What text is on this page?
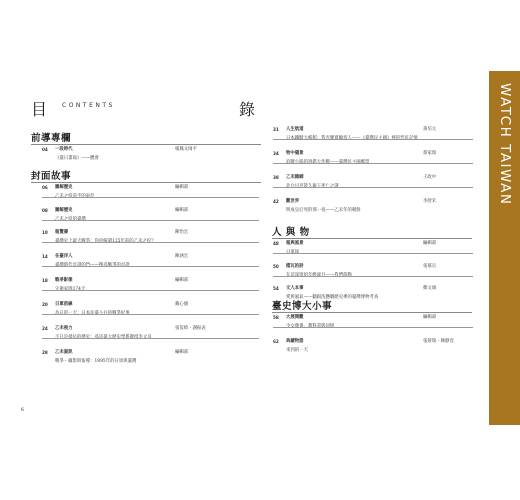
目 CONTENTS	錄
前導專欄
封面故事
人 與 物
臺史博大小事
04 一段時代
《臺日畫報》——體會
楊鳳文岡平
06 圖解歷史
乙未之役前半的東亞
編輯部
08 圖解歷史
乙未之役的臺灣
編輯部
10 報覽書
臺灣史上最大戰爭：你何解讀125年前的乙未之役？
陳怡宏
14 在臺洋人
臺灣時代見證的門——搜尋戰爭的見證
陳涵宏
18 戰爭影像
守衛家園174天
編輯部
20 日軍前線
為日的一天：日本征臺小兵的戰爭紀事
戴心儀
24 乙未視力
不只是抵抗的歷史：尋訪臺大歷史學系教授李文良
張侃綺・謝振表
28 乙未資訊
戰爭・攝影與報導：1895年的日軍與臺灣
編輯部
31 人生航道
日本鐵騎大帳館：我光輝實驗客人——《臺灣民主國》裡的烈民記憶
黃培元
34 物中儀景
追蹤小腦的過錯大作戰——臺灣民主國郵票
蔡家瑞
38 乙未雜網
北白川宮能久親王死亡之謎
王政中
42 觀世界
明成皇后死的那一夜——乙未年的朝鮮
李舒禾
48 報與風景
日軍報
編輯部
50 檔瓦的詩
在這深邃的年輕歲月——我們萌動
張慕宗
54 文人本事
愛與風氣——聽跟洗懸職歷史裡的臺灣博物考查
鄭文瑜
58 大展開觀
少女幾番．教科書與回憶
編輯部
62 典藏物語
來到的一天
張蔡瑞・陳靜容
WATCH TAIWAN
6
